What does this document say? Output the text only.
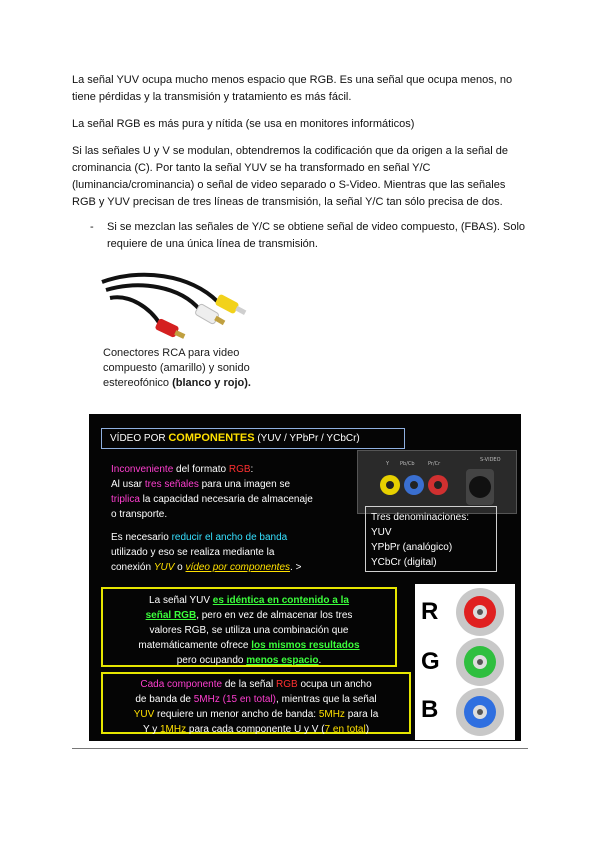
La señal YUV ocupa mucho menos espacio que RGB. Es una señal que ocupa menos, no tiene pérdidas y la transmisión y tratamiento es más fácil.

La señal RGB es más pura y nítida (se usa en monitores informáticos)

Si las señales U y V se modulan, obtendremos la codificación que da origen a la señal de crominancia (C). Por tanto la señal YUV se ha transformado en señal Y/C (luminancia/crominancia) o señal de video separado o S-Video. Mientras que las señales RGB y YUV precisan de tres líneas de transmisión, la señal Y/C tan sólo precisa de dos.

- Si se mezclan las señales de Y/C se obtiene señal de video compuesto, (FBAS). Solo requiere de una única línea de transmisión.
Conectores RCA para video
compuesto (amarillo) y sonido
estereofónico (blanco y rojo).
VÍDEO POR COMPONENTES (YUV / YPbPr / YCbCr)
Inconveniente del formato RGB:
Al usar tres señales para una imagen se
triplica la capacidad necesaria de almacenaje
o transporte.
Es necesario reducir el ancho de banda
utilizado y eso se realiza mediante la
conexión YUV o vídeo por componentes. >
Y Pb/Cb	Pr/Cr
S-VIDEO
Tres denominaciones:
YUV
YPbPr (analógico)
YCbCr (digital)
La señal YUV es idéntica en contenido a la
señal RGB, pero en vez de almacenar los tres
valores RGB, se utiliza una combinación que
matemáticamente ofrece los mismos resultados
pero ocupando menos espacio.
Cada componente de la señal RGB ocupa un ancho
de banda de 5MHz (15 en total), mientras que la señal
YUV requiere un menor ancho de banda: 5MHz para la
Y y 1MHz para cada componente U y V (7 en total)
R
G
B
